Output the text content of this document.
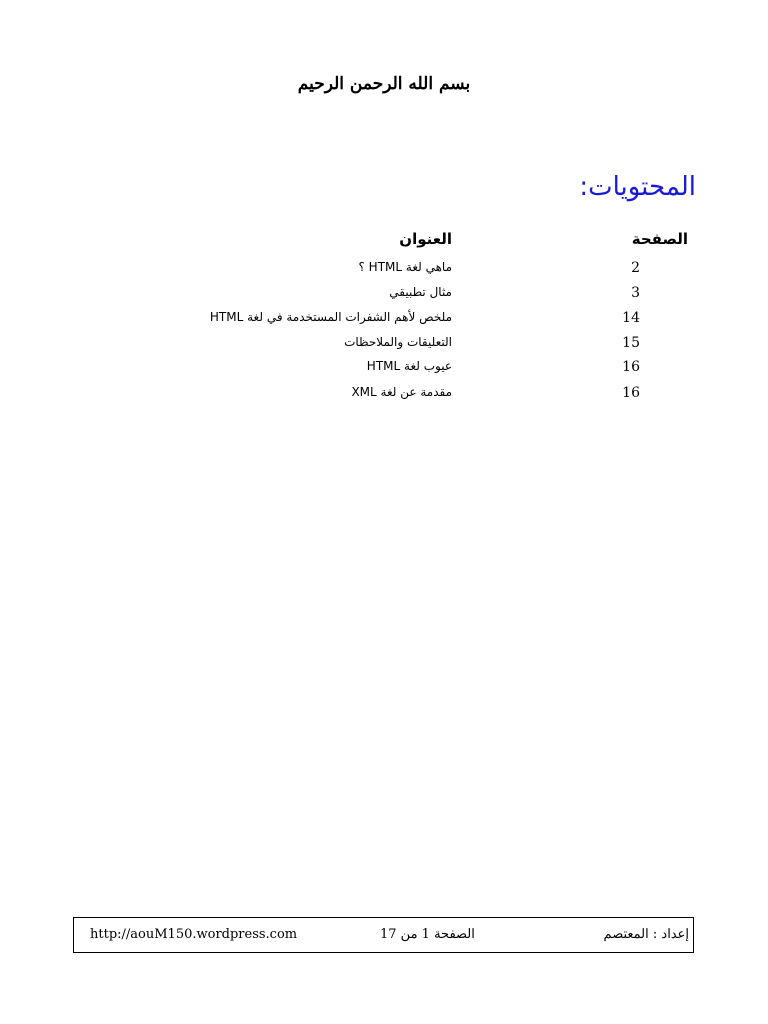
بسم الله الرحمن الرحيم
المحتويات:
الصفحة
العنوان
2
ماهي لغة HTML ؟
3
مثال تطبيقي
14
ملخص لأهم الشفرات المستخدمة في لغة HTML
15
التعليقات والملاحظات
16
عيوب لغة HTML
16
مقدمة عن لغة XML
http://aouM150.wordpress.com	الصفحة 1 من 17	إعداد : المعتصم
